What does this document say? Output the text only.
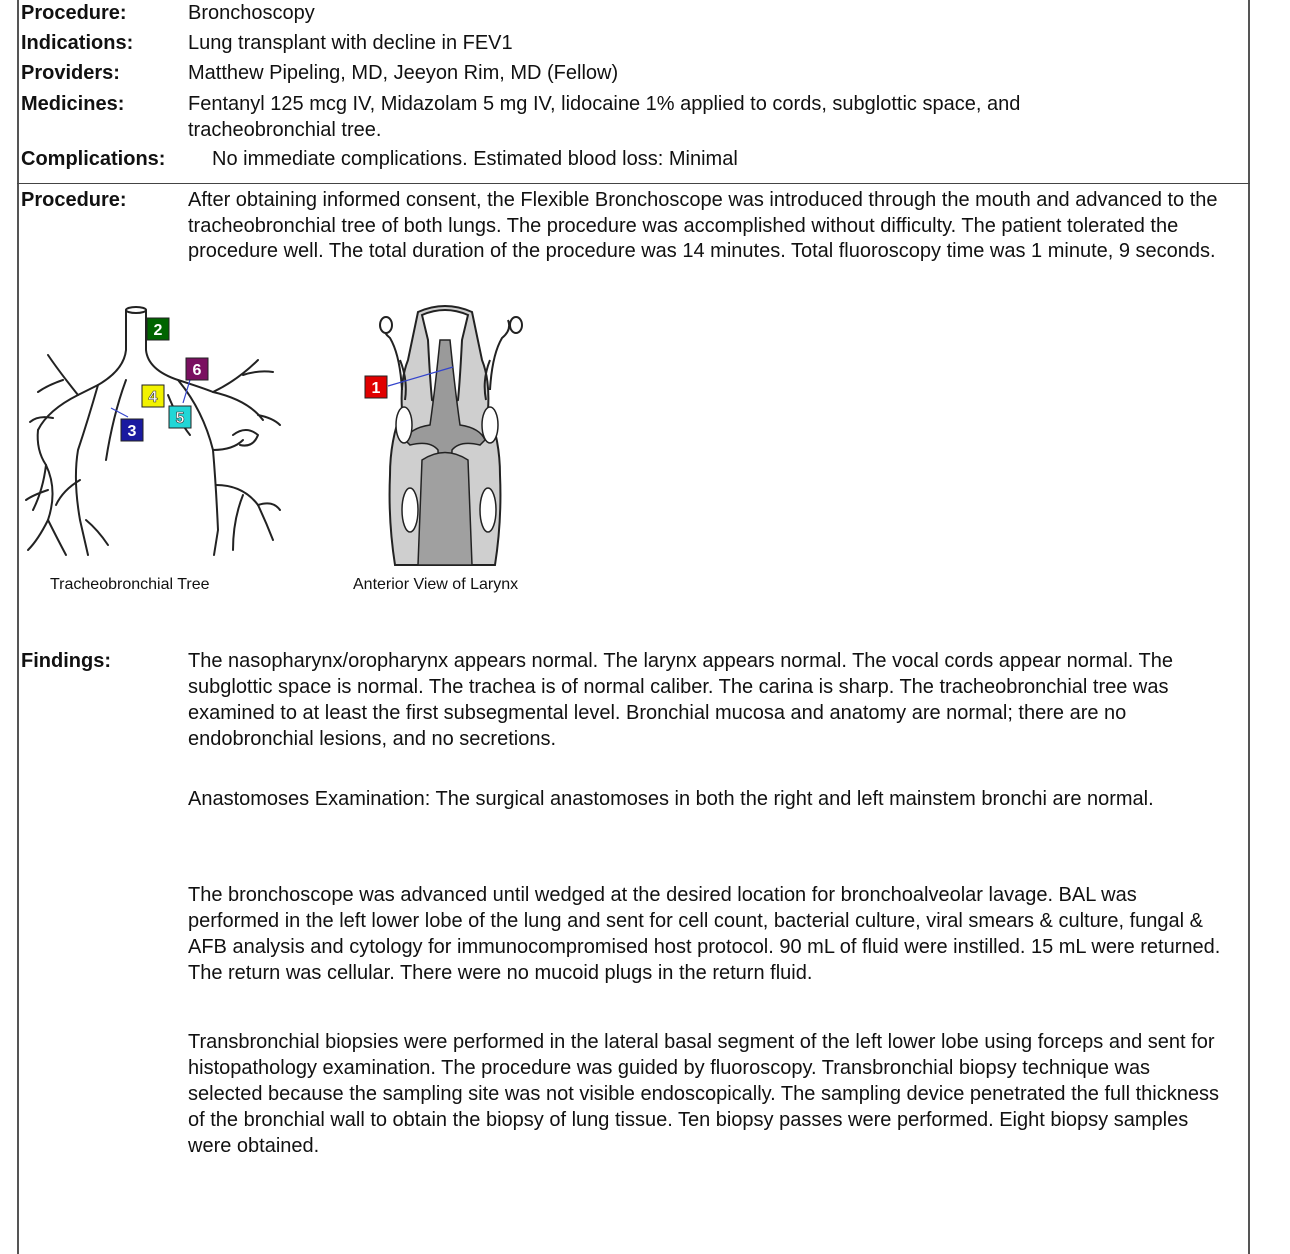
Procedure:	Bronchoscopy
Indications:	Lung transplant with decline in FEV1
Providers:	Matthew Pipeling, MD, Jeeyon Rim, MD (Fellow)
Medicines:	Fentanyl 125 mcg IV, Midazolam 5 mg IV, lidocaine 1% applied to cords, subglottic space, and tracheobronchial tree.
Complications: No immediate complications. Estimated blood loss: Minimal
Procedure:	After obtaining informed consent, the Flexible Bronchoscope was introduced through the mouth and advanced to the tracheobronchial tree of both lungs. The procedure was accomplished without difficulty. The patient tolerated the procedure well. The total duration of the procedure was 14 minutes. Total fluoroscopy time was 1 minute, 9 seconds.
2
6
4
5
3
Tracheobronchial Tree
1
Anterior View of Larynx
Findings:	The nasopharynx/oropharynx appears normal. The larynx appears normal. The vocal cords appear normal. The subglottic space is normal. The trachea is of normal caliber. The carina is sharp. The tracheobronchial tree was examined to at least the first subsegmental level. Bronchial mucosa and anatomy are normal; there are no endobronchial lesions, and no secretions.
Anastomoses Examination: The surgical anastomoses in both the right and left mainstem bronchi are normal.
The bronchoscope was advanced until wedged at the desired location for bronchoalveolar lavage. BAL was performed in the left lower lobe of the lung and sent for cell count, bacterial culture, viral smears & culture, fungal & AFB analysis and cytology for immunocompromised host protocol. 90 mL of fluid were instilled. 15 mL were returned. The return was cellular. There were no mucoid plugs in the return fluid.
Transbronchial biopsies were performed in the lateral basal segment of the left lower lobe using forceps and sent for histopathology examination. The procedure was guided by fluoroscopy. Transbronchial biopsy technique was selected because the sampling site was not visible endoscopically. The sampling device penetrated the full thickness of the bronchial wall to obtain the biopsy of lung tissue. Ten biopsy passes were performed. Eight biopsy samples were obtained.
